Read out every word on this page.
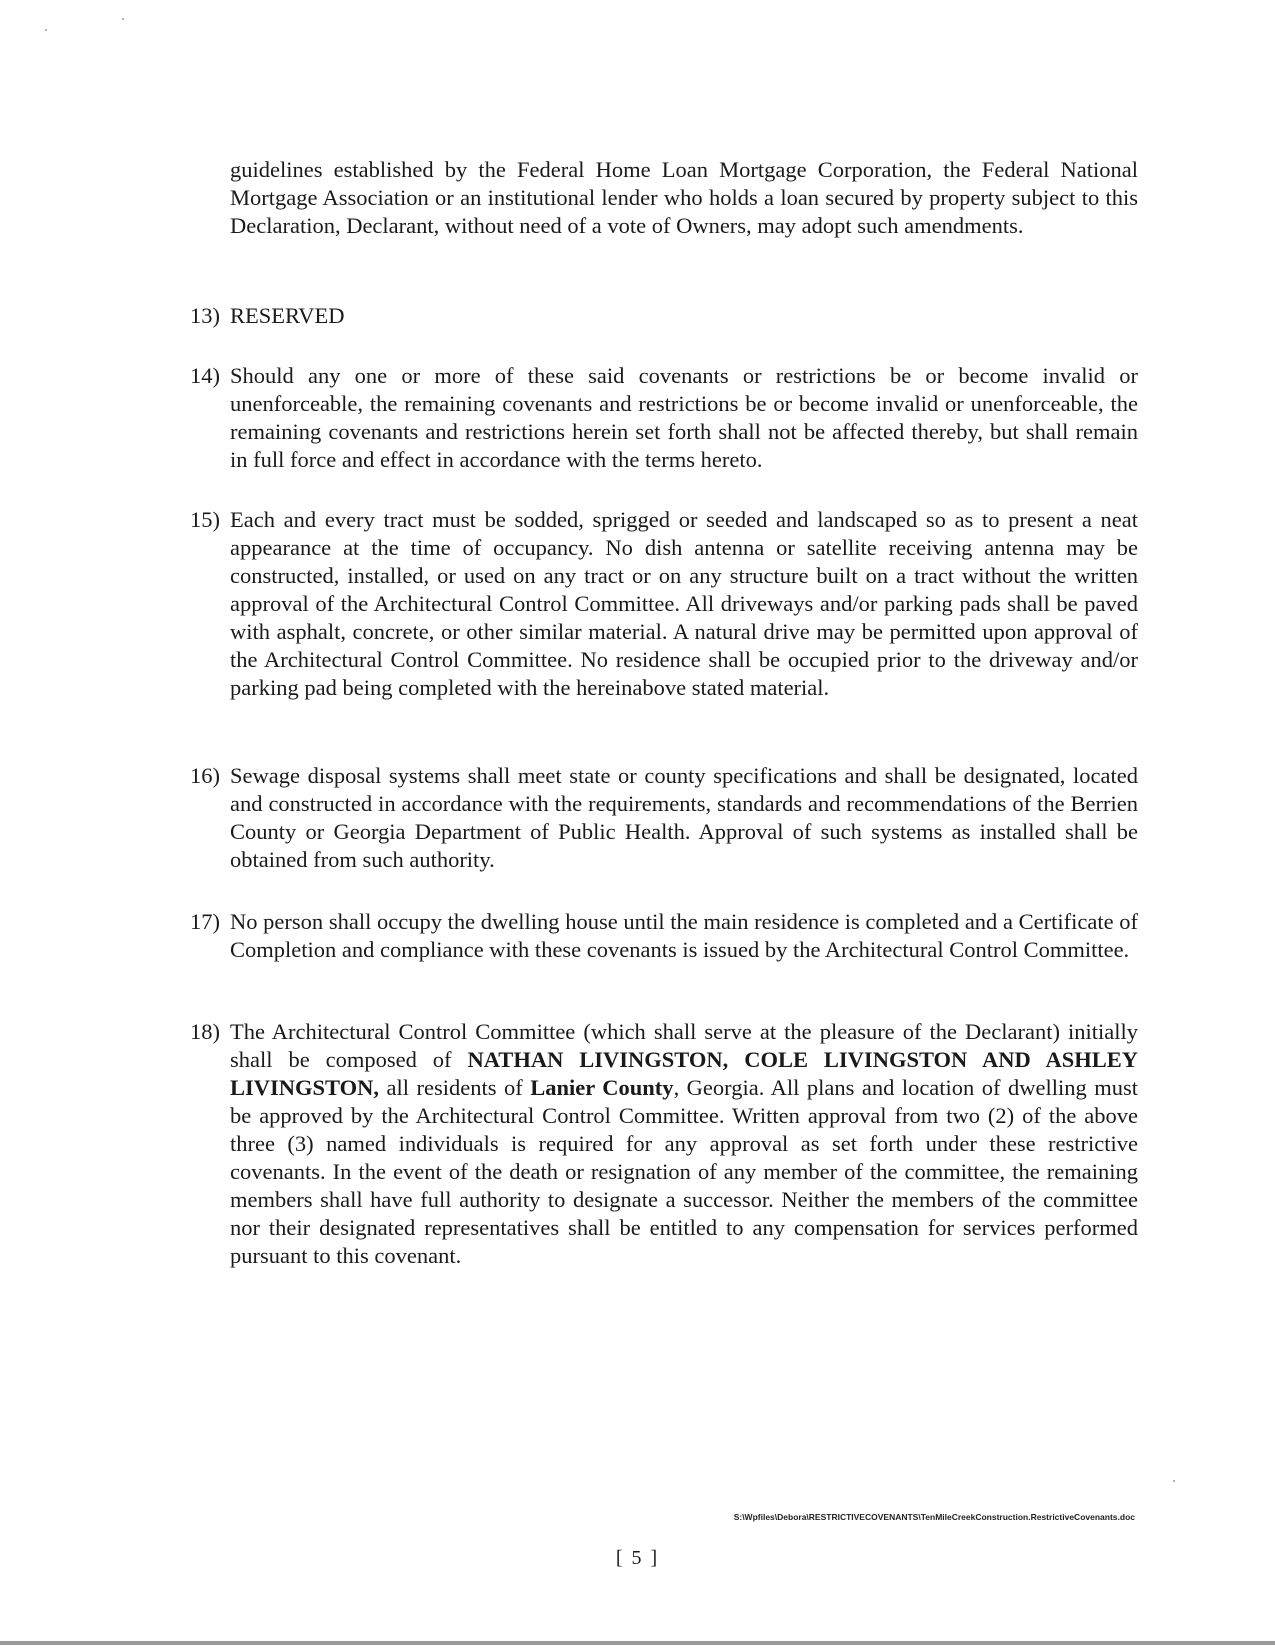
guidelines established by the Federal Home Loan Mortgage Corporation, the Federal National Mortgage Association or an institutional lender who holds a loan secured by property subject to this Declaration, Declarant, without need of a vote of Owners, may adopt such amendments.

13) RESERVED
14) Should any one or more of these said covenants or restrictions be or become invalid or unenforceable, the remaining covenants and restrictions be or become invalid or unenforceable, the remaining covenants and restrictions herein set forth shall not be affected thereby, but shall remain in full force and effect in accordance with the terms hereto.
15) Each and every tract must be sodded, sprigged or seeded and landscaped so as to present a neat appearance at the time of occupancy. No dish antenna or satellite receiving antenna may be constructed, installed, or used on any tract or on any structure built on a tract without the written approval of the Architectural Control Committee. All driveways and/or parking pads shall be paved with asphalt, concrete, or other similar material. A natural drive may be permitted upon approval of the Architectural Control Committee. No residence shall be occupied prior to the driveway and/or parking pad being completed with the hereinabove stated material.
16) Sewage disposal systems shall meet state or county specifications and shall be designated, located and constructed in accordance with the requirements, standards and recommendations of the Berrien County or Georgia Department of Public Health. Approval of such systems as installed shall be obtained from such authority.
17) No person shall occupy the dwelling house until the main residence is completed and a Certificate of Completion and compliance with these covenants is issued by the Architectural Control Committee.
18) The Architectural Control Committee (which shall serve at the pleasure of the Declarant) initially shall be composed of NATHAN LIVINGSTON, COLE LIVINGSTON AND ASHLEY LIVINGSTON, all residents of Lanier County, Georgia. All plans and location of dwelling must be approved by the Architectural Control Committee. Written approval from two (2) of the above three (3) named individuals is required for any approval as set forth under these restrictive covenants. In the event of the death or resignation of any member of the committee, the remaining members shall have full authority to designate a successor. Neither the members of the committee nor their designated representatives shall be entitled to any compensation for services performed pursuant to this covenant.
S:\Wpfiles\Debora\RESTRICTIVECOVENANTS\TenMileCreekConstruction.RestrictiveCovenants.doc
[ 5 ]
